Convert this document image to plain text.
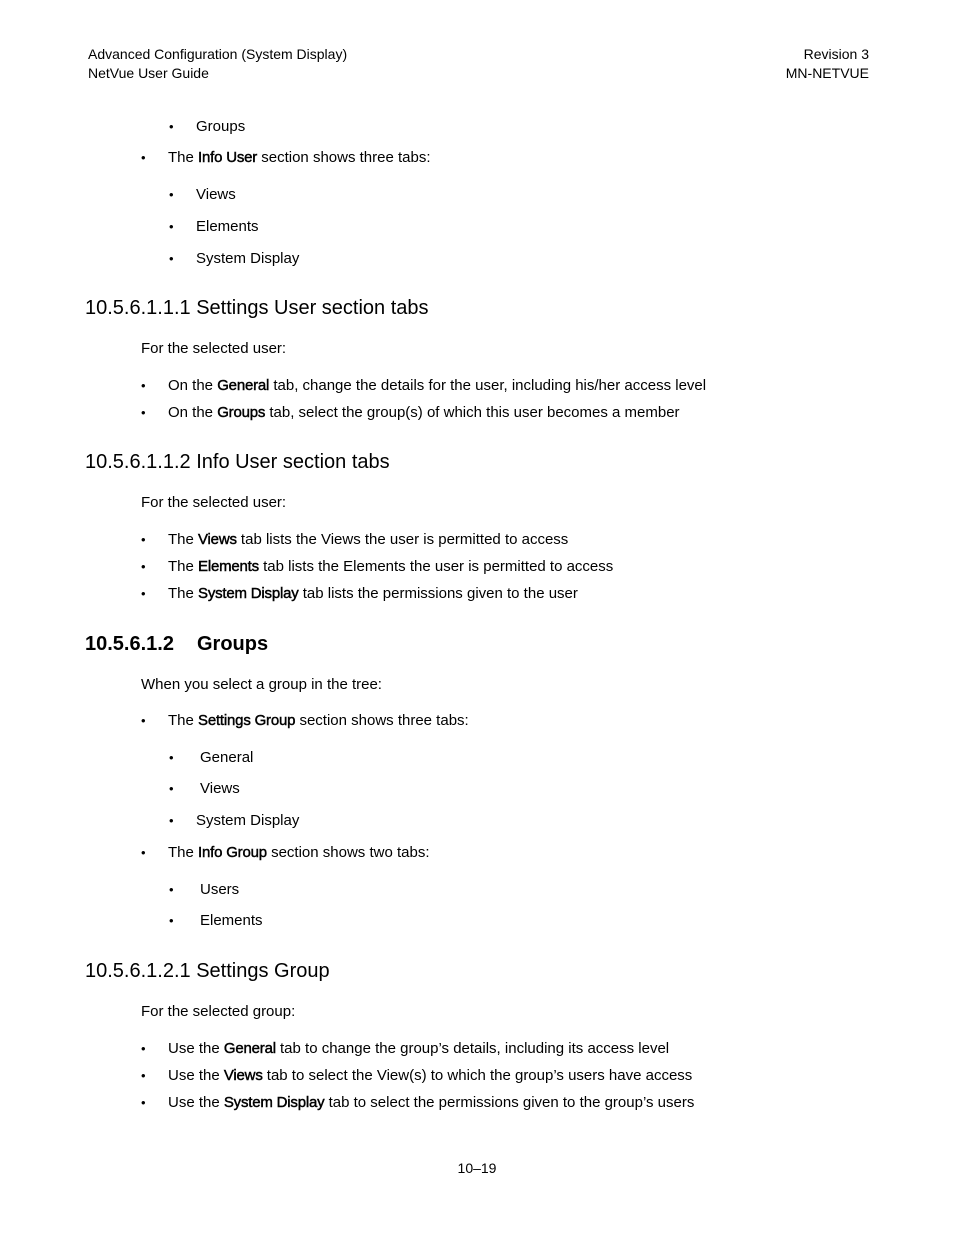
Advanced Configuration (System Display)
NetVue User Guide
Revision 3
MN-NETVUE
• Groups
• The Info User section shows three tabs:
• Views
• Elements
• System Display
10.5.6.1.1.1 Settings User section tabs
For the selected user:
• On the General tab, change the details for the user, including his/her access level
• On the Groups tab, select the group(s) of which this user becomes a member
10.5.6.1.1.2 Info User section tabs
For the selected user:
• The Views tab lists the Views the user is permitted to access
• The Elements tab lists the Elements the user is permitted to access
• The System Display tab lists the permissions given to the user
10.5.6.1.2 Groups
When you select a group in the tree:
• The Settings Group section shows three tabs:
• General
• Views
• System Display
• The Info Group section shows two tabs:
• Users
• Elements
10.5.6.1.2.1 Settings Group
For the selected group:
• Use the General tab to change the group’s details, including its access level
• Use the Views tab to select the View(s) to which the group’s users have access
• Use the System Display tab to select the permissions given to the group’s users
10–19
